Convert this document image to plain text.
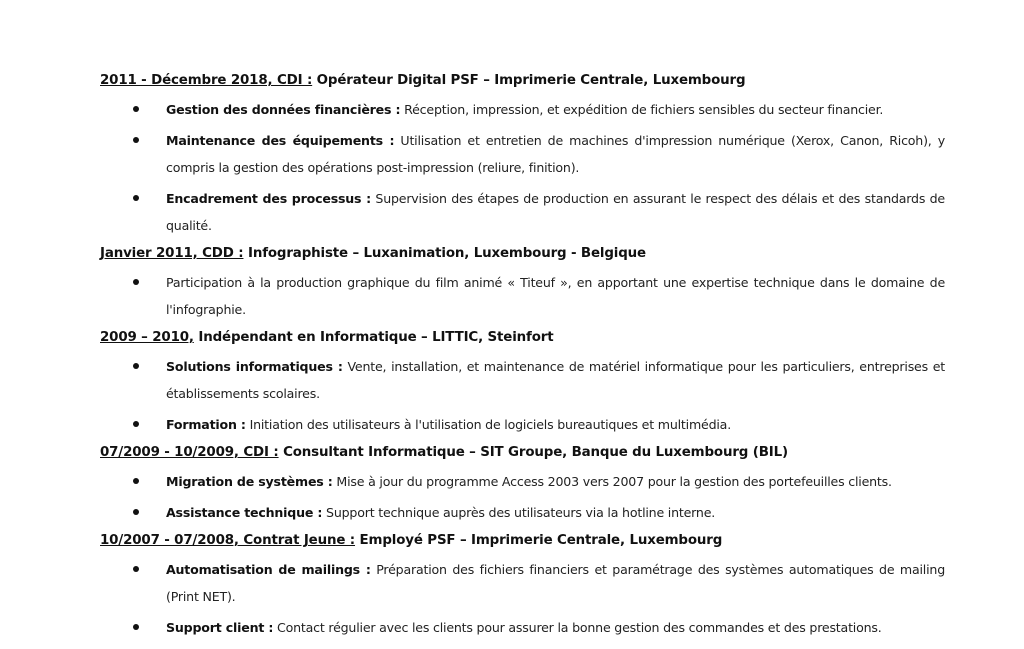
2011 - Décembre 2018, CDI : Opérateur Digital PSF – Imprimerie Centrale, Luxembourg
Gestion des données financières : Réception, impression, et expédition de fichiers sensibles du secteur financier.
Maintenance des équipements : Utilisation et entretien de machines d'impression numérique (Xerox, Canon, Ricoh), y compris la gestion des opérations post-impression (reliure, finition).
Encadrement des processus : Supervision des étapes de production en assurant le respect des délais et des standards de qualité.
Janvier 2011, CDD : Infographiste – Luxanimation, Luxembourg - Belgique
Participation à la production graphique du film animé « Titeuf », en apportant une expertise technique dans le domaine de l'infographie.
2009 – 2010, Indépendant en Informatique – LITTIC, Steinfort
Solutions informatiques : Vente, installation, et maintenance de matériel informatique pour les particuliers, entreprises et établissements scolaires.
Formation : Initiation des utilisateurs à l'utilisation de logiciels bureautiques et multimédia.
07/2009 - 10/2009, CDI : Consultant Informatique – SIT Groupe, Banque du Luxembourg (BIL)
Migration de systèmes : Mise à jour du programme Access 2003 vers 2007 pour la gestion des portefeuilles clients.
Assistance technique : Support technique auprès des utilisateurs via la hotline interne.
10/2007 - 07/2008, Contrat Jeune : Employé PSF – Imprimerie Centrale, Luxembourg
Automatisation de mailings : Préparation des fichiers financiers et paramétrage des systèmes automatiques de mailing (Print NET).
Support client : Contact régulier avec les clients pour assurer la bonne gestion des commandes et des prestations.
